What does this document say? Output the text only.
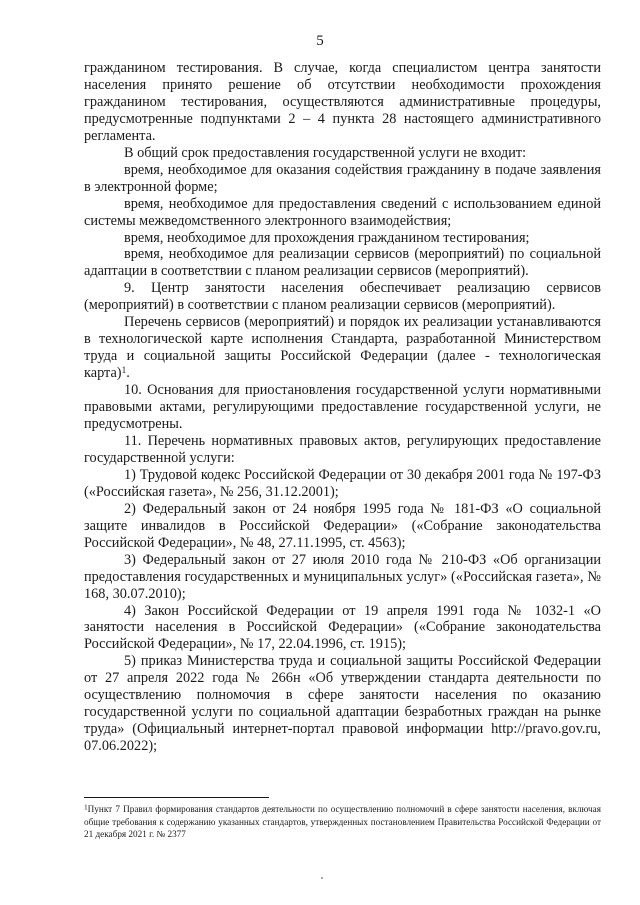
5

гражданином тестирования. В случае, когда специалистом центра занятости населения принято решение об отсутствии необходимости прохождения гражданином тестирования, осуществляются административные процедуры, предусмотренные подпунктами 2 – 4 пункта 28 настоящего административного регламента.

В общий срок предоставления государственной услуги не входит:

время, необходимое для оказания содействия гражданину в подаче заявления в электронной форме;

время, необходимое для предоставления сведений с использованием единой системы межведомственного электронного взаимодействия;

время, необходимое для прохождения гражданином тестирования;

время, необходимое для реализации сервисов (мероприятий) по социальной адаптации в соответствии с планом реализации сервисов (мероприятий).

9. Центр занятости населения обеспечивает реализацию сервисов (мероприятий) в соответствии с планом реализации сервисов (мероприятий).

Перечень сервисов (мероприятий) и порядок их реализации устанавливаются в технологической карте исполнения Стандарта, разработанной Министерством труда и социальной защиты Российской Федерации (далее - технологическая карта)$^1$.

10. Основания для приостановления государственной услуги нормативными правовыми актами, регулирующими предоставление государственной услуги, не предусмотрены.

11. Перечень нормативных правовых актов, регулирующих предоставление государственной услуги:

1) Трудовой кодекс Российской Федерации от 30 декабря 2001 года № 197-ФЗ («Российская газета», № 256, 31.12.2001);

2) Федеральный закон от 24 ноября 1995 года № 181-ФЗ «О социальной защите инвалидов в Российской Федерации» («Собрание законодательства Российской Федерации», № 48, 27.11.1995, ст. 4563);

3) Федеральный закон от 27 июля 2010 года № 210-ФЗ «Об организации предоставления государственных и муниципальных услуг» («Российская газета», № 168, 30.07.2010);

4) Закон Российской Федерации от 19 апреля 1991 года № 1032-1 «О занятости населения в Российской Федерации» («Собрание законодательства Российской Федерации», № 17, 22.04.1996, ст. 1915);

5) приказ Министерства труда и социальной защиты Российской Федерации от 27 апреля 2022 года № 266н «Об утверждении стандарта деятельности по осуществлению полномочия в сфере занятости населения по оказанию государственной услуги по социальной адаптации безработных граждан на рынке труда» (Официальный интернет-портал правовой информации http://pravo.gov.ru, 07.06.2022);

$^1$Пункт 7 Правил формирования стандартов деятельности по осуществлению полномочий в сфере занятости населения, включая общие требования к содержанию указанных стандартов, утвержденных постановлением Правительства Российской Федерации от 21 декабря 2021 г. № 2377
